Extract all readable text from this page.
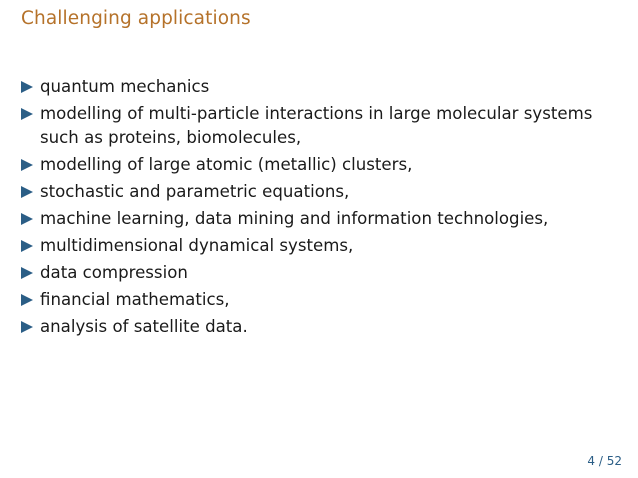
Challenging applications
quantum mechanics
modelling of multi-particle interactions in large molecular systems such as proteins, biomolecules,
modelling of large atomic (metallic) clusters,
stochastic and parametric equations,
machine learning, data mining and information technologies,
multidimensional dynamical systems,
data compression
financial mathematics,
analysis of satellite data.
4 / 52
